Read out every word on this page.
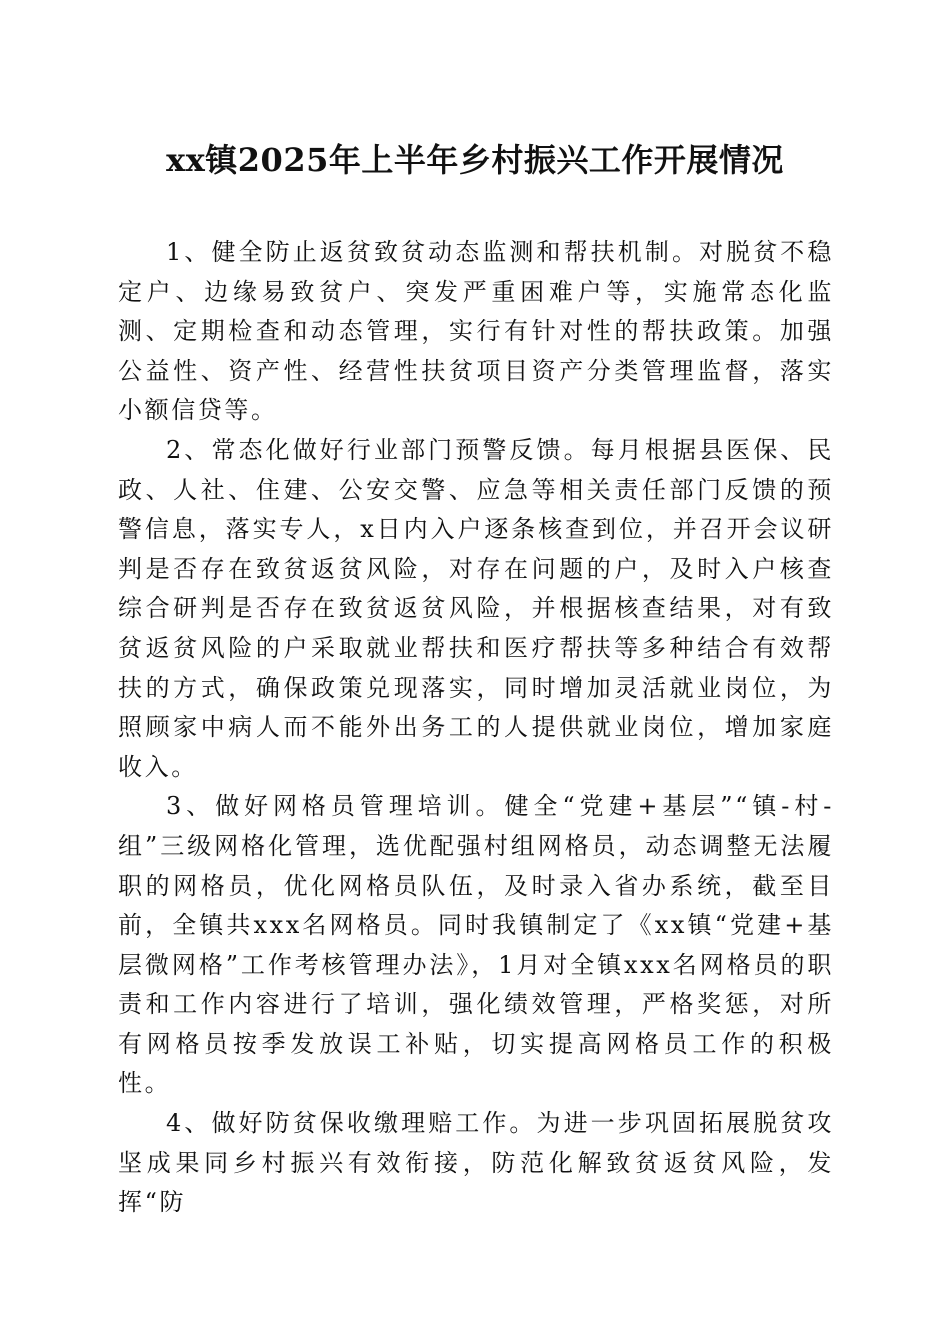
xx镇2025年上半年乡村振兴工作开展情况

1、健全防止返贫致贫动态监测和帮扶机制。对脱贫不稳定户、边缘易致贫户、突发严重困难户等，实施常态化监测、定期检查和动态管理，实行有针对性的帮扶政策。加强公益性、资产性、经营性扶贫项目资产分类管理监督，落实小额信贷等。

2、常态化做好行业部门预警反馈。每月根据县医保、民政、人社、住建、公安交警、应急等相关责任部门反馈的预警信息，落实专人，x日内入户逐条核查到位，并召开会议研判是否存在致贫返贫风险，对存在问题的户，及时入户核查综合研判是否存在致贫返贫风险，并根据核查结果，对有致贫返贫风险的户采取就业帮扶和医疗帮扶等多种结合有效帮扶的方式，确保政策兑现落实，同时增加灵活就业岗位，为照顾家中病人而不能外出务工的人提供就业岗位，增加家庭收入。

3、做好网格员管理培训。健全“党建+基层”“镇-村-组”三级网格化管理，选优配强村组网格员，动态调整无法履职的网格员，优化网格员队伍，及时录入省办系统，截至目前，全镇共xxx名网格员。同时我镇制定了《xx镇“党建+基层微网格”工作考核管理办法》，1月对全镇xxx名网格员的职责和工作内容进行了培训，强化绩效管理，严格奖惩，对所有网格员按季发放误工补贴，切实提高网格员工作的积极性。

4、做好防贫保收缴理赔工作。为进一步巩固拓展脱贫攻坚成果同乡村振兴有效衔接，防范化解致贫返贫风险，发挥“防
